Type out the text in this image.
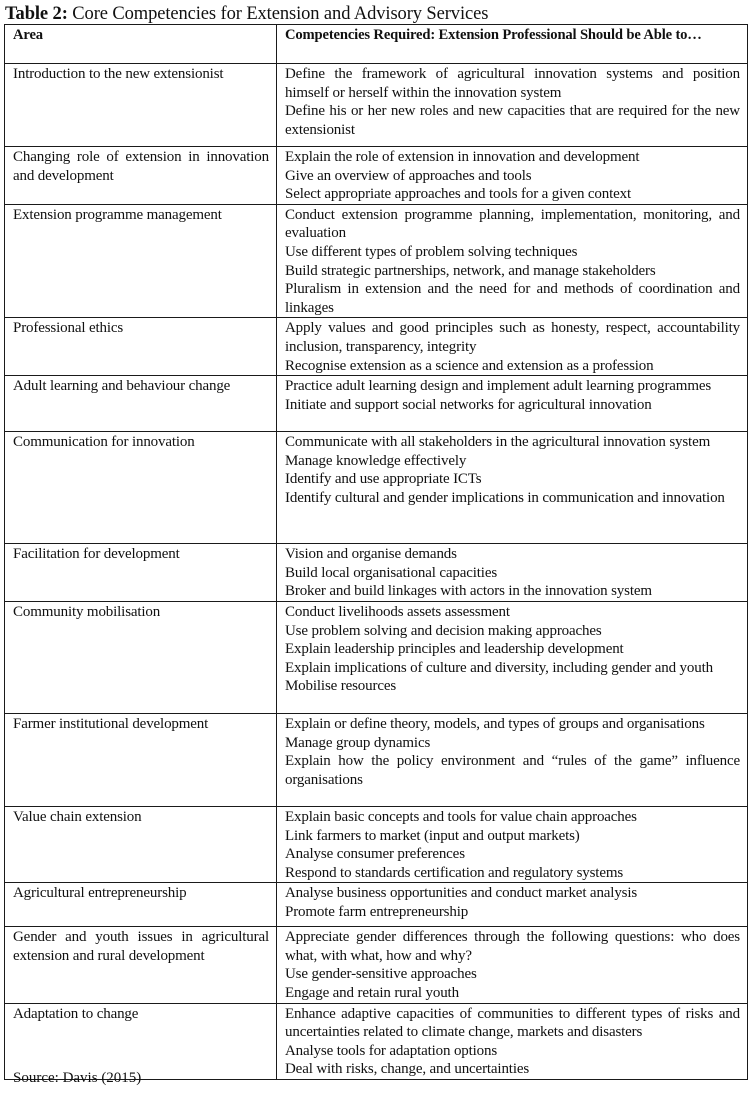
Table 2: Core Competencies for Extension and Advisory Services
Area	Competencies Required: Extension Professional Should be Able to…
Introduction to the new extensionist	Define the framework of agricultural innovation systems and position himself or herself within the innovation system
Define his or her new roles and new capacities that are required for the new extensionist

Changing role of extension in innovation and development	Explain the role of extension in innovation and development
Give an overview of approaches and tools
Select appropriate approaches and tools for a given context

Extension programme management	Conduct extension programme planning, implementation, monitoring, and evaluation
Use different types of problem solving techniques
Build strategic partnerships, network, and manage stakeholders
Pluralism in extension and the need for and methods of coordination and linkages

Professional ethics	Apply values and good principles such as honesty, respect, accountability inclusion, transparency, integrity
Recognise extension as a science and extension as a profession

Adult learning and behaviour change	Practice adult learning design and implement adult learning programmes
Initiate and support social networks for agricultural innovation

Communication for innovation	Communicate with all stakeholders in the agricultural innovation system
Manage knowledge effectively
Identify and use appropriate ICTs
Identify cultural and gender implications in communication and innovation

Facilitation for development	Vision and organise demands
Build local organisational capacities
Broker and build linkages with actors in the innovation system

Community mobilisation	Conduct livelihoods assets assessment
Use problem solving and decision making approaches
Explain leadership principles and leadership development
Explain implications of culture and diversity, including gender and youth
Mobilise resources

Farmer institutional development	Explain or define theory, models, and types of groups and organisations
Manage group dynamics
Explain how the policy environment and “rules of the game” influence organisations

Value chain extension	Explain basic concepts and tools for value chain approaches
Link farmers to market (input and output markets)
Analyse consumer preferences
Respond to standards certification and regulatory systems

Agricultural entrepreneurship	Analyse business opportunities and conduct market analysis
Promote farm entrepreneurship

Gender and youth issues in agricultural extension and rural development	Appreciate gender differences through the following questions: who does what, with what, how and why?
Use gender-sensitive approaches
Engage and retain rural youth

Adaptation to change	Enhance adaptive capacities of communities to different types of risks and uncertainties related to climate change, markets and disasters
Analyse tools for adaptation options
Deal with risks, change, and uncertainties
Source: Davis (2015)
